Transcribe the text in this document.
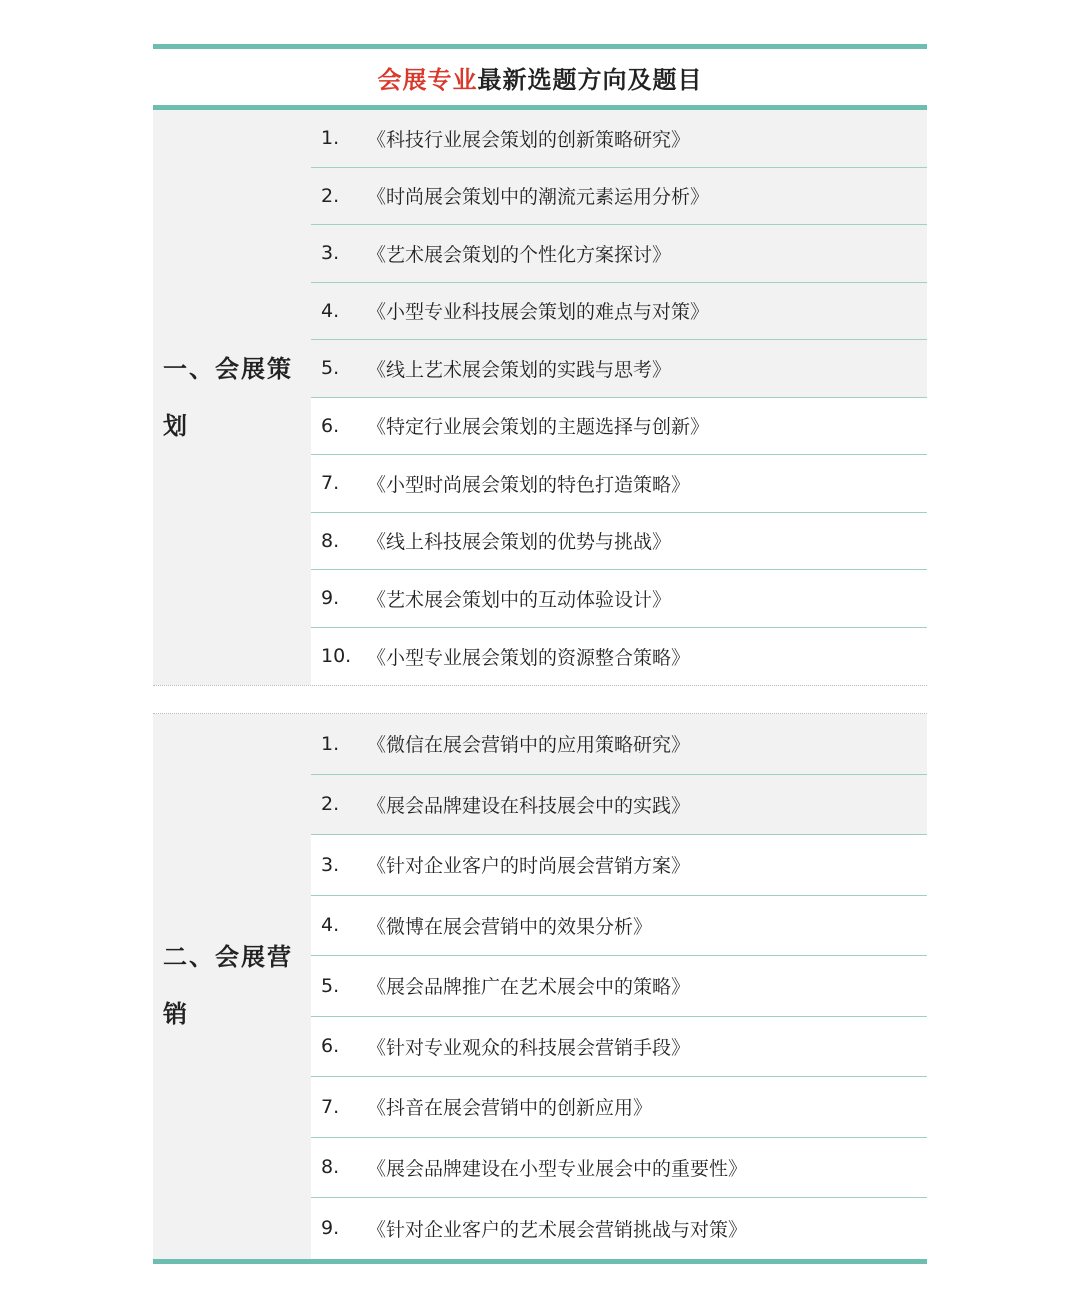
会展专业 最新选题方向及题目
一、会展策
划
1.	《科技行业展会策划的创新策略研究》
2.	《时尚展会策划中的潮流元素运用分析》
3.	《艺术展会策划的个性化方案探讨》
4.	《小型专业科技展会策划的难点与对策》
5.	《线上艺术展会策划的实践与思考》
6.	《特定行业展会策划的主题选择与创新》
7.	《小型时尚展会策划的特色打造策略》
8.	《线上科技展会策划的优势与挑战》
9.	《艺术展会策划中的互动体验设计》
10. 《小型专业展会策划的资源整合策略》
二、会展营
销
1.	《微信在展会营销中的应用策略研究》
2.	《展会品牌建设在科技展会中的实践》
3.	《针对企业客户的时尚展会营销方案》
4.	《微博在展会营销中的效果分析》
5.	《展会品牌推广在艺术展会中的策略》
6.	《针对专业观众的科技展会营销手段》
7.	《抖音在展会营销中的创新应用》
8.	《展会品牌建设在小型专业展会中的重要性》
9.	《针对企业客户的艺术展会营销挑战与对策》
